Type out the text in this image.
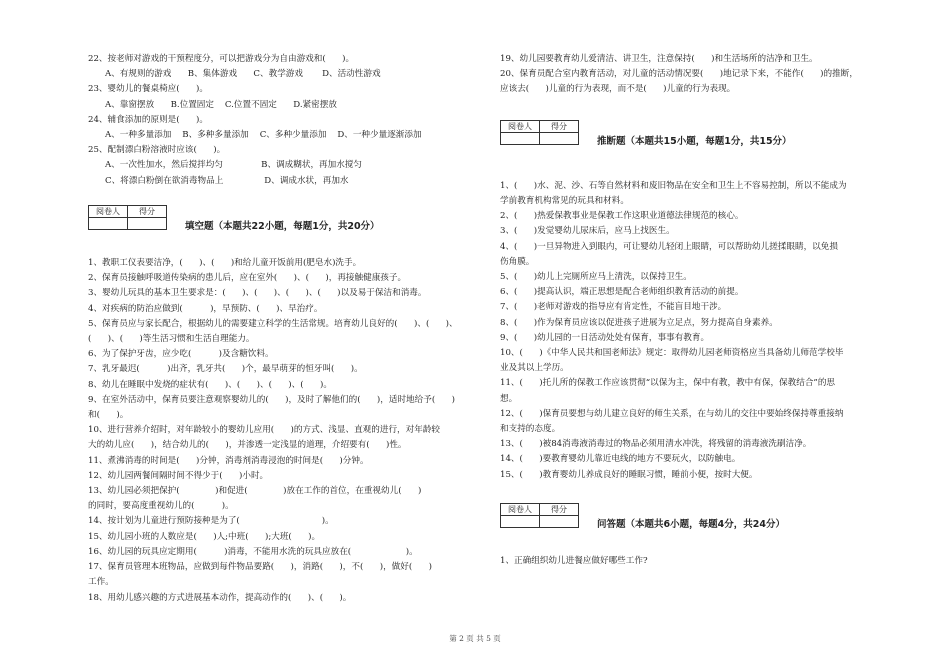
22、按老师对游戏的干预程度分，可以把游戏分为自由游戏和(      )。
A、有规则的游戏      B、集体游戏      C、教学游戏       D、活动性游戏
23、婴幼儿的餐桌椅应(      )。
A、靠窗摆放      B.位置固定    C.位置不固定      D.紧密摆放
24、辅食添加的原则是(      )。
A、一种多量添加    B、多种多量添加    C、多种少量添加    D、一种少量逐渐添加
25、配制漂白粉溶液时应该(      )。
A、一次性加水，然后搅拌均匀              B、调成糊状，再加水搅匀
C、将漂白粉倒在欲消毒物品上               D、调成水状，再加水
阅卷人	得分

填空题（本题共22小题，每题1分，共20分）
1、教职工仪表要洁净，(      )、(      )和给儿童开饭前用(肥皂水)洗手。
2、保育员接触呼吸道传染病的患儿后，应在室外(      )、(      )，再接触健康孩子。
3、婴幼儿玩具的基本卫生要求是：(      )、(      )、(      )、(      )以及易于保洁和消毒。
4、对疾病的防治应做到(          )，早预防、(      )、早治疗。
5、保育员应与家长配合，根据幼儿的需要建立科学的生活常规。培育幼儿良好的(      )、(      )、
(      )、(      )等生活习惯和生活自理能力。
6、为了保护牙齿，应少吃(          )及含糖饮料。
7、乳牙最迟(          )出齐，乳牙共(      )个，最早萌芽的恒牙叫(      )。
8、幼儿在睡眠中发烧的症状有(      )、(      )、(      )、(      )。
9、在室外活动中，保育员要注意观察婴幼儿的(      )，及时了解他们的(      )，适时地给予(      )
和(      )。
10、进行营养介绍时，对年龄较小的婴幼儿应用(      )的方式、浅显、直观的进行，对年龄较
大的幼儿应(      )，结合幼儿的(      )，并渗透一定浅显的道理，介绍要有(      )性。
11、煮沸消毒的时间是(      )分钟，消毒剂消毒浸泡的时间是(      )分钟。
12、幼儿园两餐间隔时间不得少于(      )小时。
13、幼儿园必须把保护(             )和促进(             )放在工作的首位，在重视幼儿(      )
的同时，要高度重视幼儿的(          )。
14、按计划为儿童进行预防接种是为了(                              )。
15、幼儿园小班的人数应是(      )人;中班(      );大班(      )。
16、幼儿园的玩具应定期用(          )消毒，不能用水洗的玩具应放在(                    )。
17、保育员管理本班物品，应做到每件物品要路(      )，消路(      )，不(      )，做好(      )
工作。
18、用幼儿感兴趣的方式进展基本动作，提高动作的(      )、(      )。
19、幼儿园要教育幼儿爱清洁、讲卫生，注意保持(      )和生活场所的洁净和卫生。
20、保育员配合室内教育活动，对儿童的活动情况要(      )地记录下来，不能作(      )的推断，
应该去(      )儿童的行为表现，而不是(      )儿童的行为表现。
阅卷人	得分

推断题（本题共15小题，每题1分，共15分）
1、(      )水、泥、沙、石等自然材料和废旧物品在安全和卫生上不容易控制，所以不能成为
学前教育机构常见的玩具和材料。
2、(      )热爱保教事业是保教工作这职业道德法律规范的核心。
3、(      )发觉婴幼儿尿床后，应马上找医生。
4、(      )一旦异物进入到眼内，可让婴幼儿轻闭上眼睛，可以帮助幼儿搓揉眼睛，以免损
伤角膜。
5、(      )幼儿上完厕所应马上清洗，以保持卫生。
6、(      )提高认识，端正思想是配合老师组织教育活动的前提。
7、(      )老师对游戏的指导应有肯定性，不能盲目地干涉。
8、(      )作为保育员应该以促进孩子进展为立足点，努力提高自身素养。
9、(      )幼儿园的一日活动处处有保育，事事有教育。
10、(      )《中华人民共和国老师法》规定：取得幼儿园老师资格应当具备幼儿师范学校毕
业及其以上学历。
11、(      )托儿所的保教工作应该贯彻“以保为主，保中有教，教中有保，保教结合”的思
想。
12、(      )保育员要想与幼儿建立良好的师生关系，在与幼儿的交往中要始终保持尊重接纳
和支持的态度。
13、(      )被84消毒液消毒过的物品必须用清水冲洗，将残留的消毒液洗刷洁净。
14、(      )要教育婴幼儿靠近电线的地方不要玩火，以防触电。
15、(      )教育婴幼儿养成良好的睡眠习惯，睡前小便，按时大便。
阅卷人	得分

问答题（本题共6小题，每题4分，共24分）
1、正确组织幼儿进餐应做好哪些工作?
第 2 页 共 5 页
